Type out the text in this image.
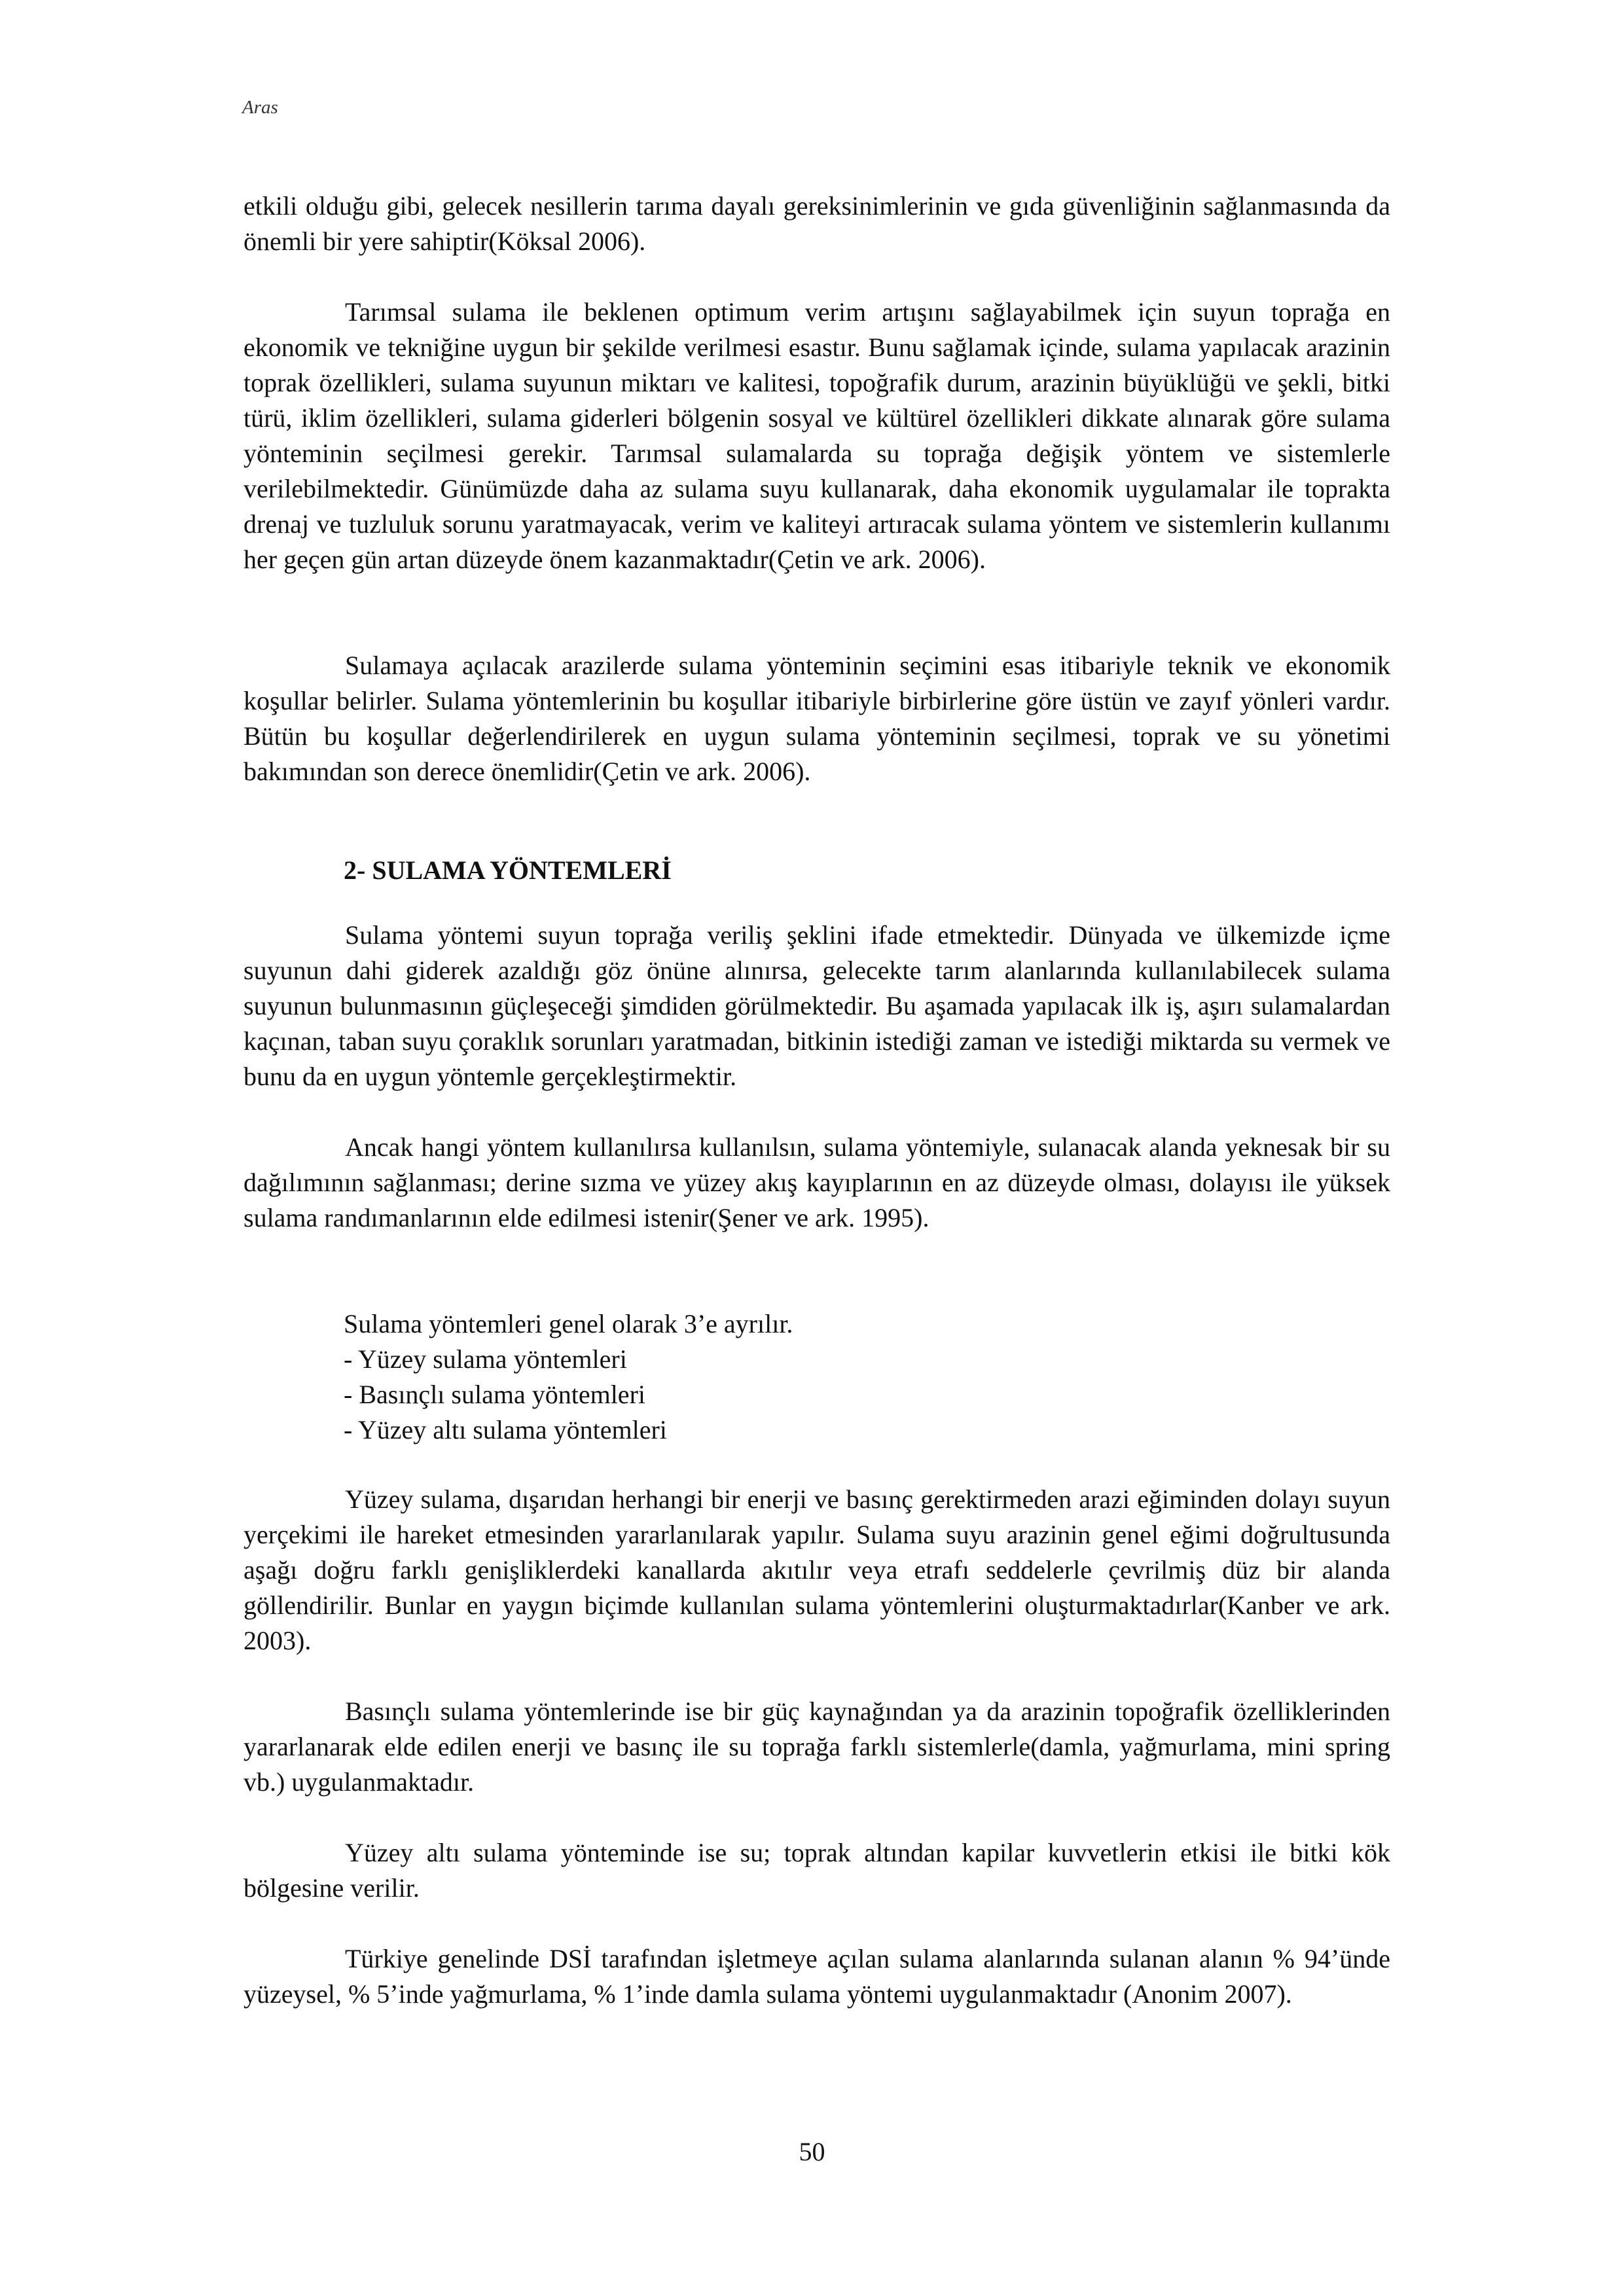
Aras

etkili olduğu gibi, gelecek nesillerin tarıma dayalı gereksinimlerinin ve gıda güvenliğinin sağlanmasında da önemli bir yere sahiptir(Köksal 2006).

Tarımsal sulama ile beklenen optimum verim artışını sağlayabilmek için suyun toprağa en ekonomik ve tekniğine uygun bir şekilde verilmesi esastır. Bunu sağlamak içinde, sulama yapılacak arazinin toprak özellikleri, sulama suyunun miktarı ve kalitesi, topoğrafik durum, arazinin büyüklüğü ve şekli, bitki türü, iklim özellikleri, sulama giderleri bölgenin sosyal ve kültürel özellikleri dikkate alınarak göre sulama yönteminin seçilmesi gerekir. Tarımsal sulamalarda su toprağa değişik yöntem ve sistemlerle verilebilmektedir. Günümüzde daha az sulama suyu kullanarak, daha ekonomik uygulamalar ile toprakta drenaj ve tuzluluk sorunu yaratmayacak, verim ve kaliteyi artıracak sulama yöntem ve sistemlerin kullanımı her geçen gün artan düzeyde önem kazanmaktadır(Çetin ve ark. 2006).

Sulamaya açılacak arazilerde sulama yönteminin seçimini esas itibariyle teknik ve ekonomik koşullar belirler. Sulama yöntemlerinin bu koşullar itibariyle birbirlerine göre üstün ve zayıf yönleri vardır. Bütün bu koşullar değerlendirilerek en uygun sulama yönteminin seçilmesi, toprak ve su yönetimi bakımından son derece önemlidir(Çetin ve ark. 2006).

2- SULAMA YÖNTEMLERİ

Sulama yöntemi suyun toprağa veriliş şeklini ifade etmektedir. Dünyada ve ülkemizde içme suyunun dahi giderek azaldığı göz önüne alınırsa, gelecekte tarım alanlarında kullanılabilecek sulama suyunun bulunmasının güçleşeceği şimdiden görülmektedir. Bu aşamada yapılacak ilk iş, aşırı sulamalardan kaçınan, taban suyu çoraklık sorunları yaratmadan, bitkinin istediği zaman ve istediği miktarda su vermek ve bunu da en uygun yöntemle gerçekleştirmektir.

Ancak hangi yöntem kullanılırsa kullanılsın, sulama yöntemiyle, sulanacak alanda yeknesak bir su dağılımının sağlanması; derine sızma ve yüzey akış kayıplarının en az düzeyde olması, dolayısı ile yüksek sulama randımanlarının elde edilmesi istenir(Şener ve ark. 1995).

Sulama yöntemleri genel olarak 3’e ayrılır.
- Yüzey sulama yöntemleri
- Basınçlı sulama yöntemleri
- Yüzey altı sulama yöntemleri

Yüzey sulama, dışarıdan herhangi bir enerji ve basınç gerektirmeden arazi eğiminden dolayı suyun yerçekimi ile hareket etmesinden yararlanılarak yapılır. Sulama suyu arazinin genel eğimi doğrultusunda aşağı doğru farklı genişliklerdeki kanallarda akıtılır veya etrafı seddelerle çevrilmiş düz bir alanda göllendirilir. Bunlar en yaygın biçimde kullanılan sulama yöntemlerini oluşturmaktadırlar(Kanber ve ark. 2003).

Basınçlı sulama yöntemlerinde ise bir güç kaynağından ya da arazinin topoğrafik özelliklerinden yararlanarak elde edilen enerji ve basınç ile su toprağa farklı sistemlerle(damla, yağmurlama, mini spring vb.) uygulanmaktadır.

Yüzey altı sulama yönteminde ise su; toprak altından kapilar kuvvetlerin etkisi ile bitki kök bölgesine verilir.

Türkiye genelinde DSİ tarafından işletmeye açılan sulama alanlarında sulanan alanın % 94’ünde yüzeysel, % 5’inde yağmurlama, % 1’inde damla sulama yöntemi uygulanmaktadır (Anonim 2007).

50
